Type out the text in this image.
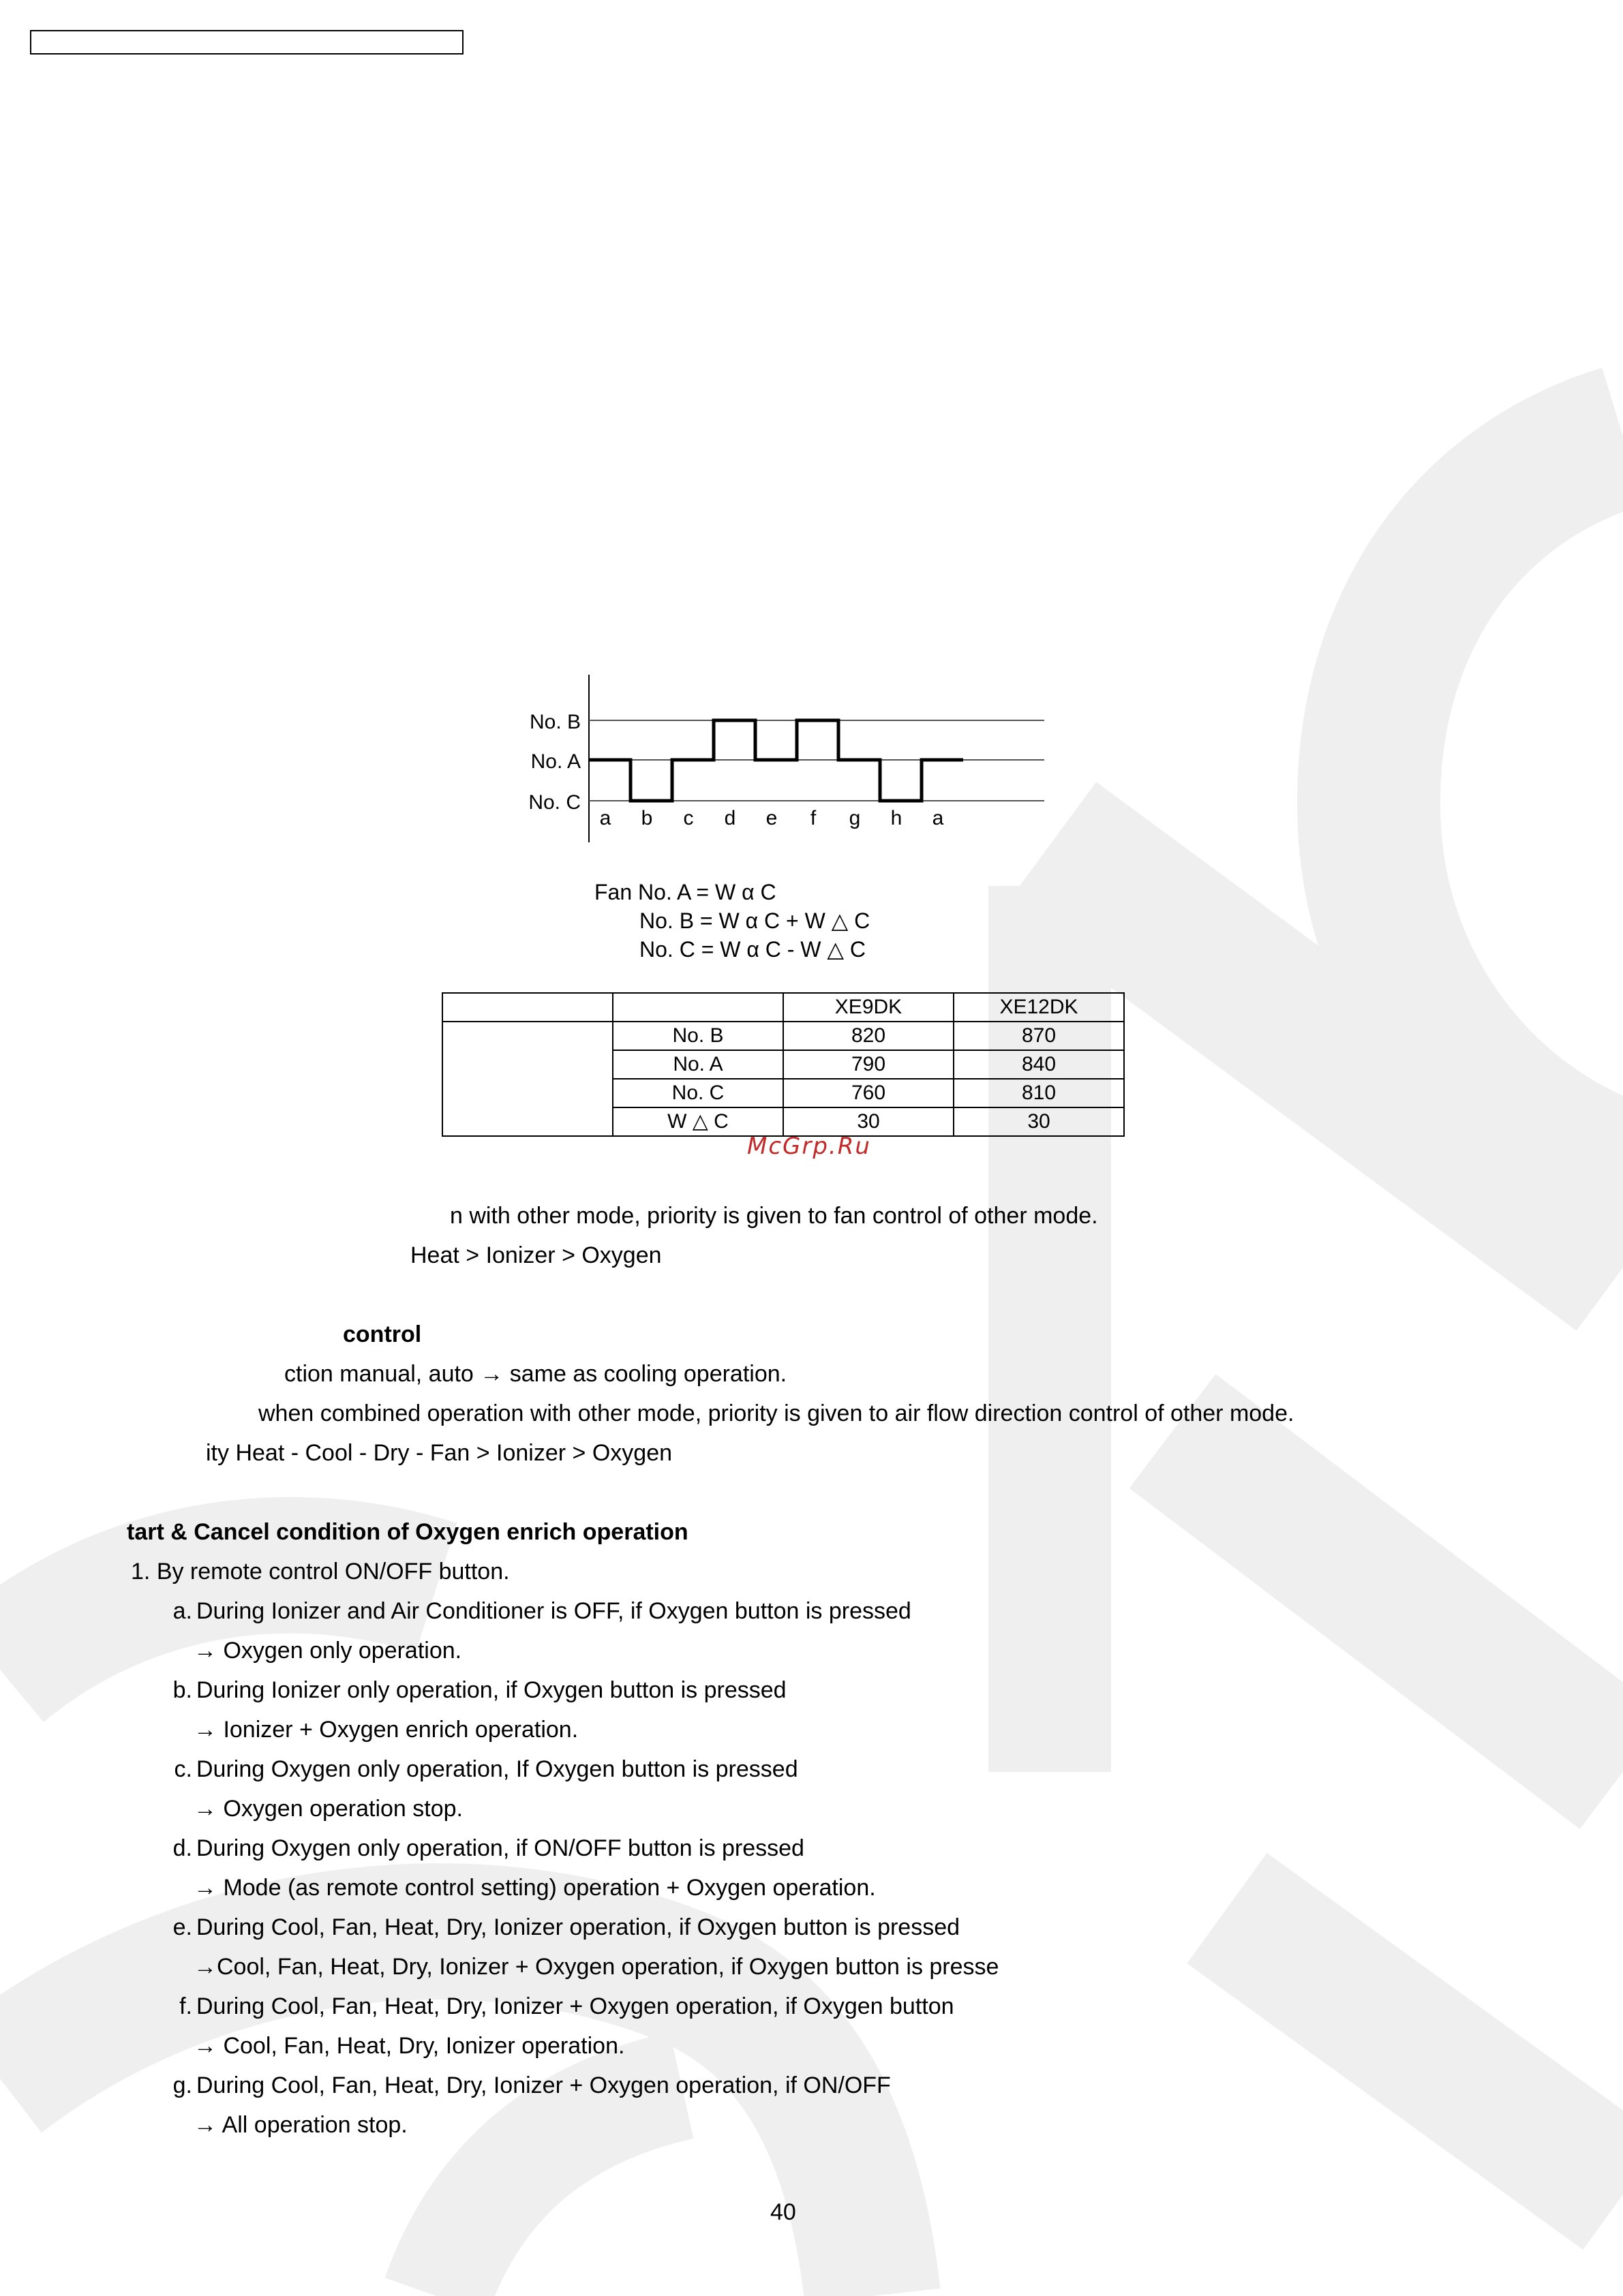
No. B
No. A
No. C
a b c d e f g h a
Fan No. A = W α C
No. B = W α C + W △ C
No. C = W α C - W △ C
		XE9DK	XE12DK
	No. B	820	870
	No. A	790	840
	No. C	760	810
	W △ C	30	30
McGrp.Ru
n with other mode, priority is given to fan control of other mode.
Heat > Ionizer > Oxygen
control
ction manual, auto → same as cooling operation.
when combined operation with other mode, priority is given to air flow direction control of other mode.
ity Heat - Cool - Dry - Fan > Ionizer > Oxygen
tart & Cancel condition of Oxygen enrich operation
1. By remote control ON/OFF button.
a. During Ionizer and Air Conditioner is OFF, if Oxygen button is pressed
→ Oxygen only operation.
b. During Ionizer only operation, if Oxygen button is pressed
→ Ionizer + Oxygen enrich operation.
c. During Oxygen only operation, If Oxygen button is pressed
→ Oxygen operation stop.
d. During Oxygen only operation, if ON/OFF button is pressed
→ Mode (as remote control setting) operation + Oxygen operation.
e. During Cool, Fan, Heat, Dry, Ionizer operation, if Oxygen button is pressed
→Cool, Fan, Heat, Dry, Ionizer + Oxygen operation, if Oxygen button is presse
f. During Cool, Fan, Heat, Dry, Ionizer + Oxygen operation, if Oxygen button
→ Cool, Fan, Heat, Dry, Ionizer operation.
g. During Cool, Fan, Heat, Dry, Ionizer + Oxygen operation, if ON/OFF
→ All operation stop.
40
